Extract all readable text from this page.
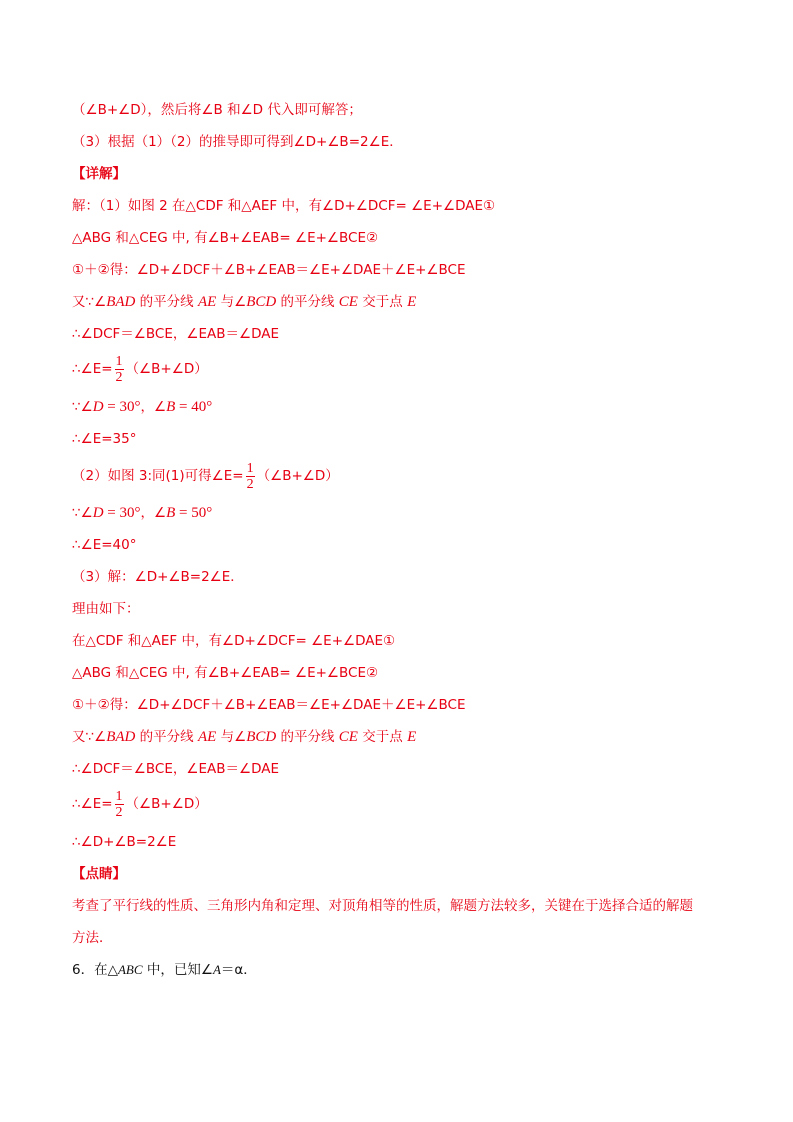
（∠B+∠D），然后将∠B 和∠D 代入即可解答；
（3）根据（1）（2）的推导即可得到∠D+∠B=2∠E．
【详解】
解：（1）如图 2 在△CDF 和△AEF 中，有∠D+∠DCF= ∠E+∠DAE①
△ABG 和△CEG 中, 有∠B+∠EAB= ∠E+∠BCE②
①＋②得：∠D+∠DCF＋∠B+∠EAB＝∠E+∠DAE＋∠E+∠BCE
又∵∠BAD 的平分线 AE 与∠BCD 的平分线 CE 交于点 E
∴∠DCF＝∠BCE，∠EAB＝∠DAE
∴∠E= $\frac{1}{2}$ （∠B+∠D）
∵∠D = 30°，∠B = 40°
∴∠E=35°
（2）如图 3:同(1)可得∠E= $\frac{1}{2}$ （∠B+∠D）
∵∠D = 30°，∠B = 50°
∴∠E=40°
（3）解：∠D+∠B=2∠E．
理由如下：
在△CDF 和△AEF 中，有∠D+∠DCF= ∠E+∠DAE①
△ABG 和△CEG 中, 有∠B+∠EAB= ∠E+∠BCE②
①＋②得：∠D+∠DCF＋∠B+∠EAB＝∠E+∠DAE＋∠E+∠BCE
又∵∠BAD 的平分线 AE 与∠BCD 的平分线 CE 交于点 E
∴∠DCF＝∠BCE，∠EAB＝∠DAE
∴∠E= $\frac{1}{2}$ （∠B+∠D）
∴∠D+∠B=2∠E
【点睛】
考查了平行线的性质、三角形内角和定理、对顶角相等的性质，解题方法较多，关键在于选择合适的解题
方法．
6．在△ABC 中，已知∠A＝α．
